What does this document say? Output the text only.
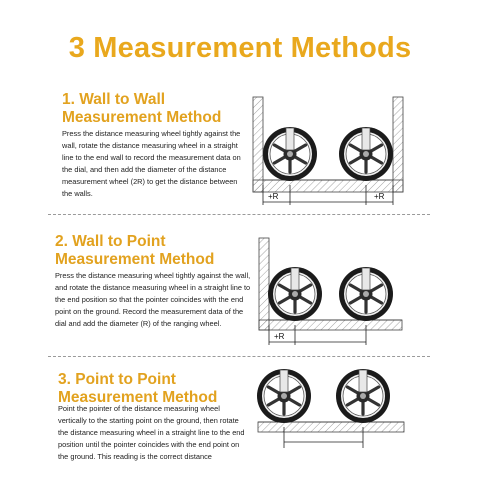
3 Measurement Methods
1. Wall to Wall Measurement Method
Press the distance measuring wheel tightly against the wall, rotate the distance measuring wheel in a straight line to the end wall to record the measurement data on the dial, and then add the diameter of the distance measurement wheel (2R) to get the distance between the walls.
2. Wall to Point Measurement Method
Press the distance measuring wheel tightly against the wall, and rotate the distance measuring wheel in a straight line to the end position so that the pointer coincides with the end point on the ground. Record the measurement data of the dial and add the diameter (R) of the ranging wheel.
3. Point to Point Measurement Method
Point the pointer of the distance measuring wheel vertically to the starting point on the ground, then rotate the distance measuring wheel in a straight line to the end position until the pointer coincides with the end point on the ground. This reading is the correct distance
+R	+R
+R
